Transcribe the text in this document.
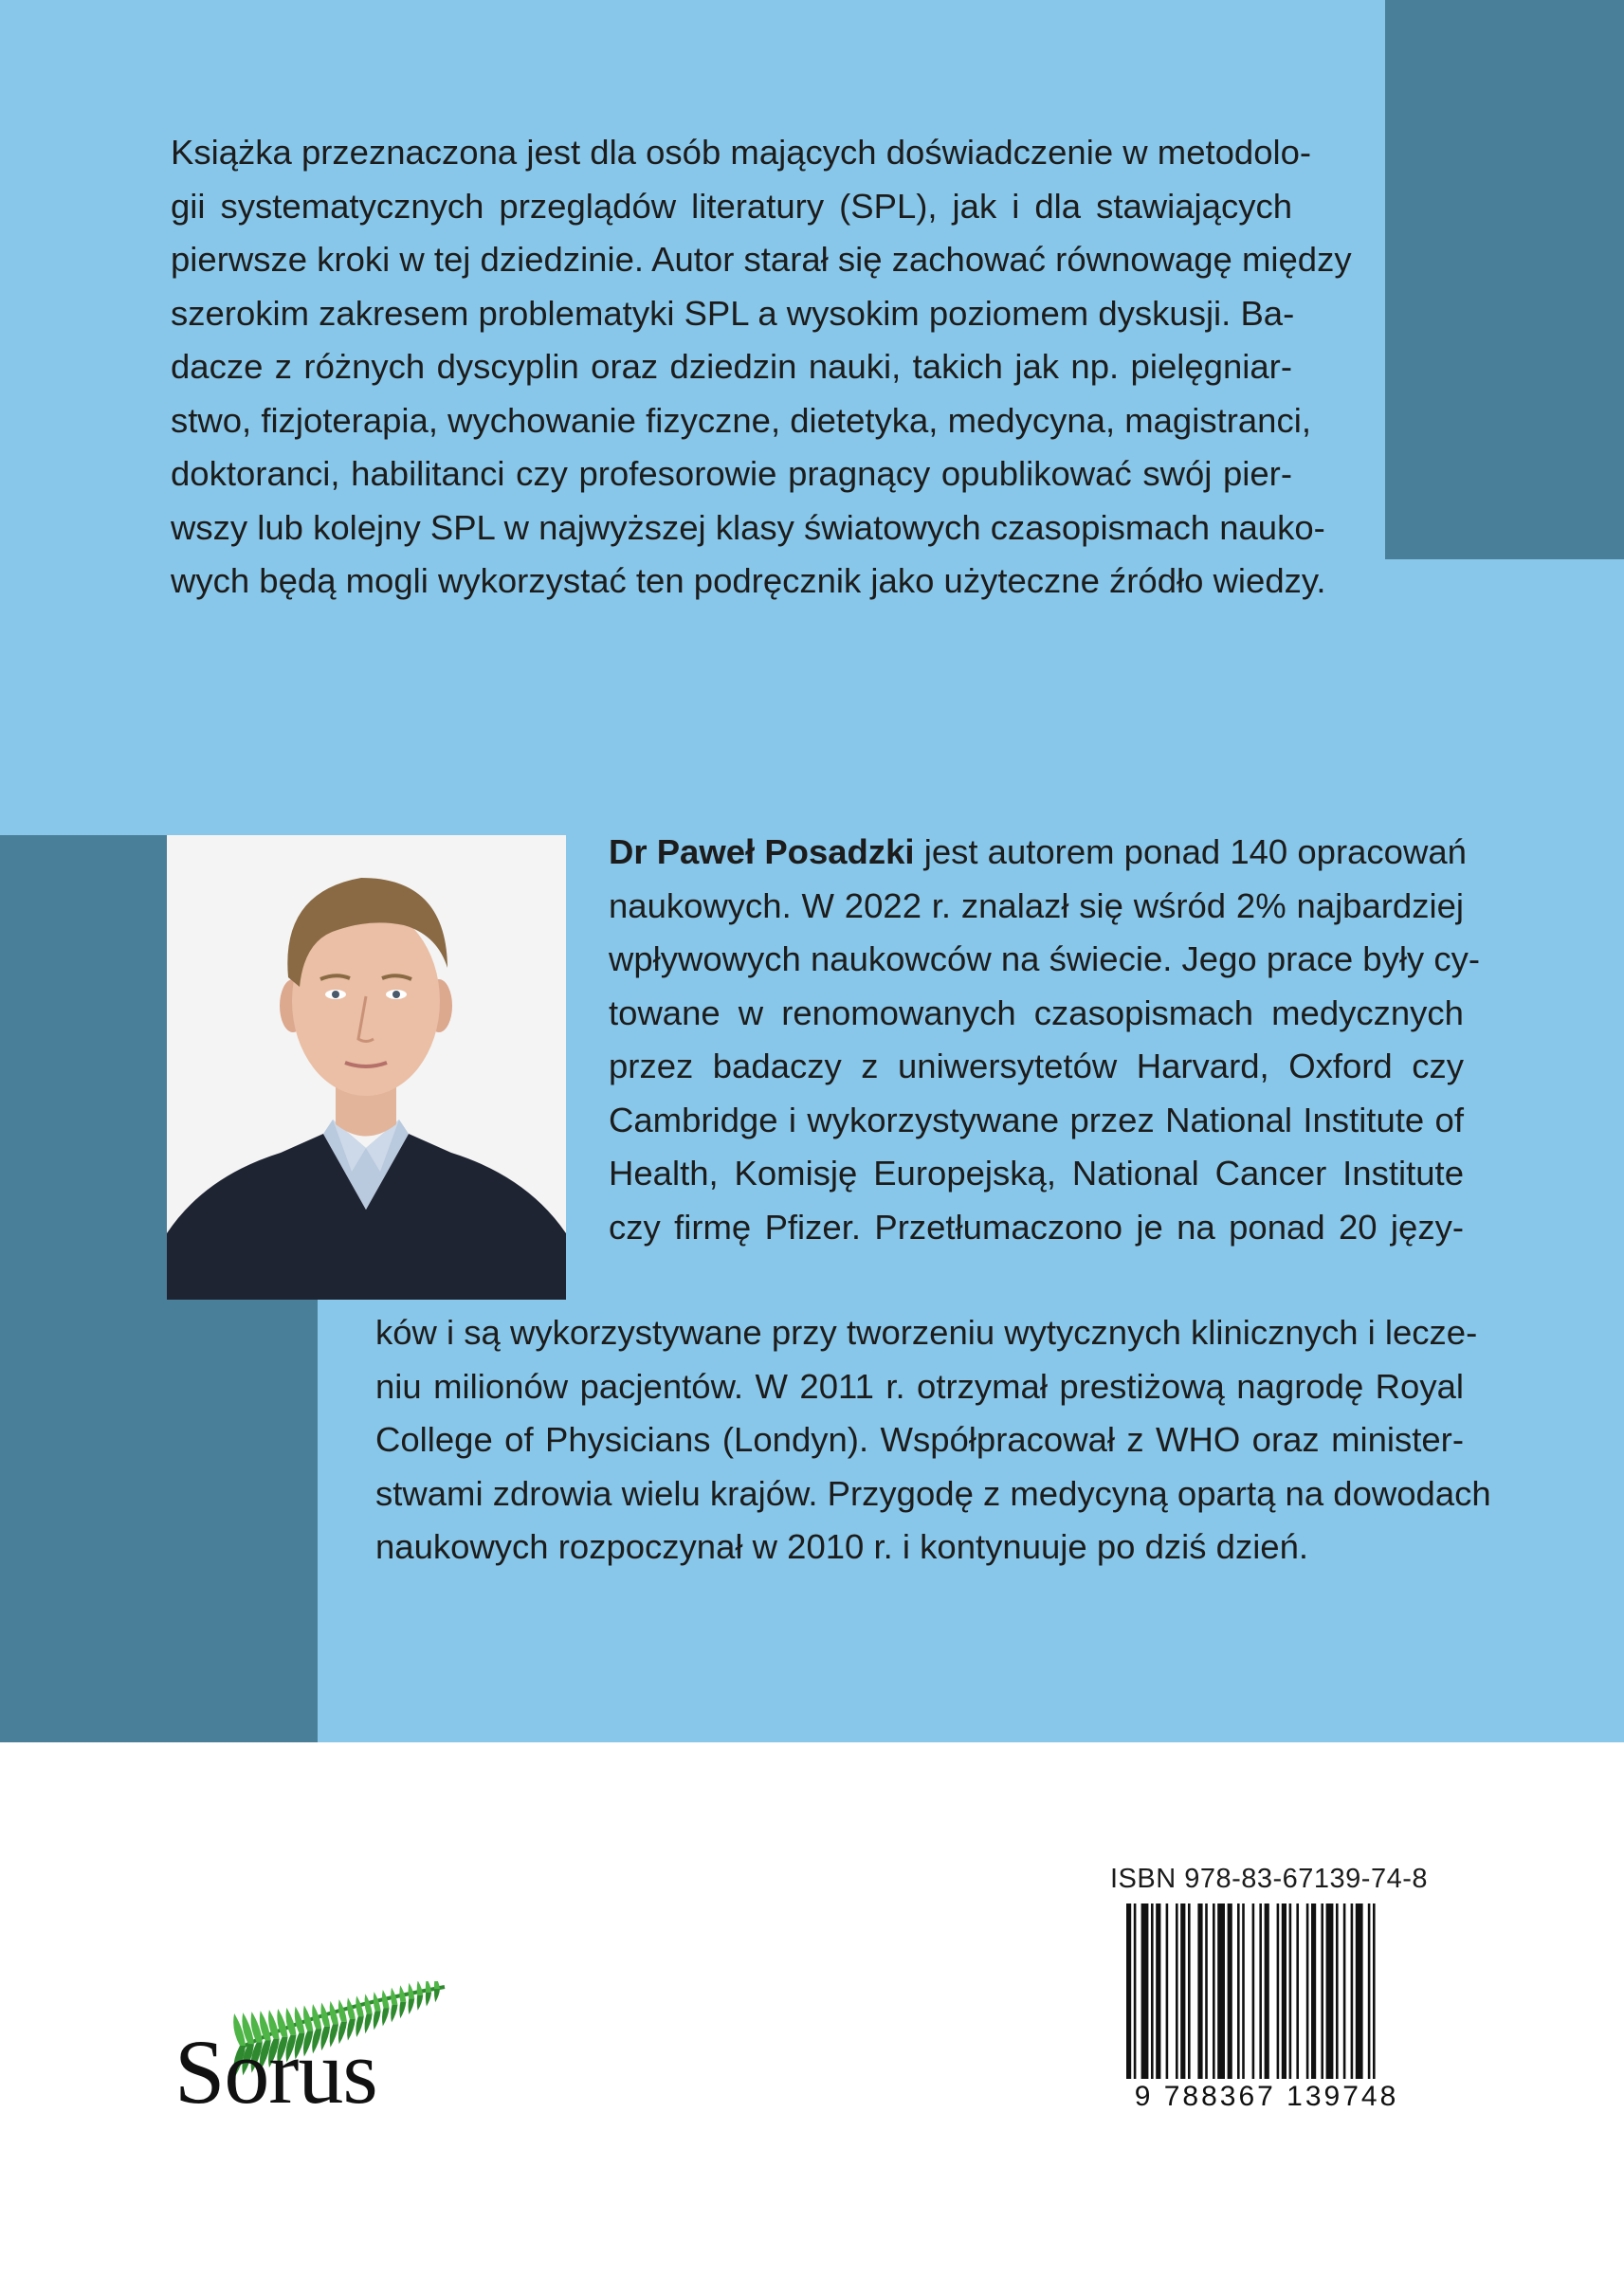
Książka przeznaczona jest dla osób mających doświadczenie w metodolo-
gii systematycznych przeglądów literatury (SPL), jak i dla stawiających
pierwsze kroki w tej dziedzinie. Autor starał się zachować równowagę między
szerokim zakresem problematyki SPL a wysokim poziomem dyskusji. Ba-
dacze z różnych dyscyplin oraz dziedzin nauki, takich jak np. pielęgniar-
stwo, fizjoterapia, wychowanie fizyczne, dietetyka, medycyna, magistranci,
doktoranci, habilitanci czy profesorowie pragnący opublikować swój pier-
wszy lub kolejny SPL w najwyższej klasy światowych czasopismach nauko-
wych będą mogli wykorzystać ten podręcznik jako użyteczne źródło wiedzy.
Dr Paweł Posadzki jest autorem ponad 140 opracowań
naukowych. W 2022 r. znalazł się wśród 2% najbardziej
wpływowych naukowców na świecie. Jego prace były cy-
towane w renomowanych czasopismach medycznych
przez badaczy z uniwersytetów Harvard, Oxford czy
Cambridge i wykorzystywane przez National Institute of
Health, Komisję Europejską, National Cancer Institute
czy firmę Pfizer. Przetłumaczono je na ponad 20 języ-
ków i są wykorzystywane przy tworzeniu wytycznych klinicznych i lecze-
niu milionów pacjentów. W 2011 r. otrzymał prestiżową nagrodę Royal
College of Physicians (Londyn). Współpracował z WHO oraz minister-
stwami zdrowia wielu krajów. Przygodę z medycyną opartą na dowodach
naukowych rozpoczynał w 2010 r. i kontynuuje po dziś dzień.
Sorus
ISBN 978-83-67139-74-8
9 788367 139748
